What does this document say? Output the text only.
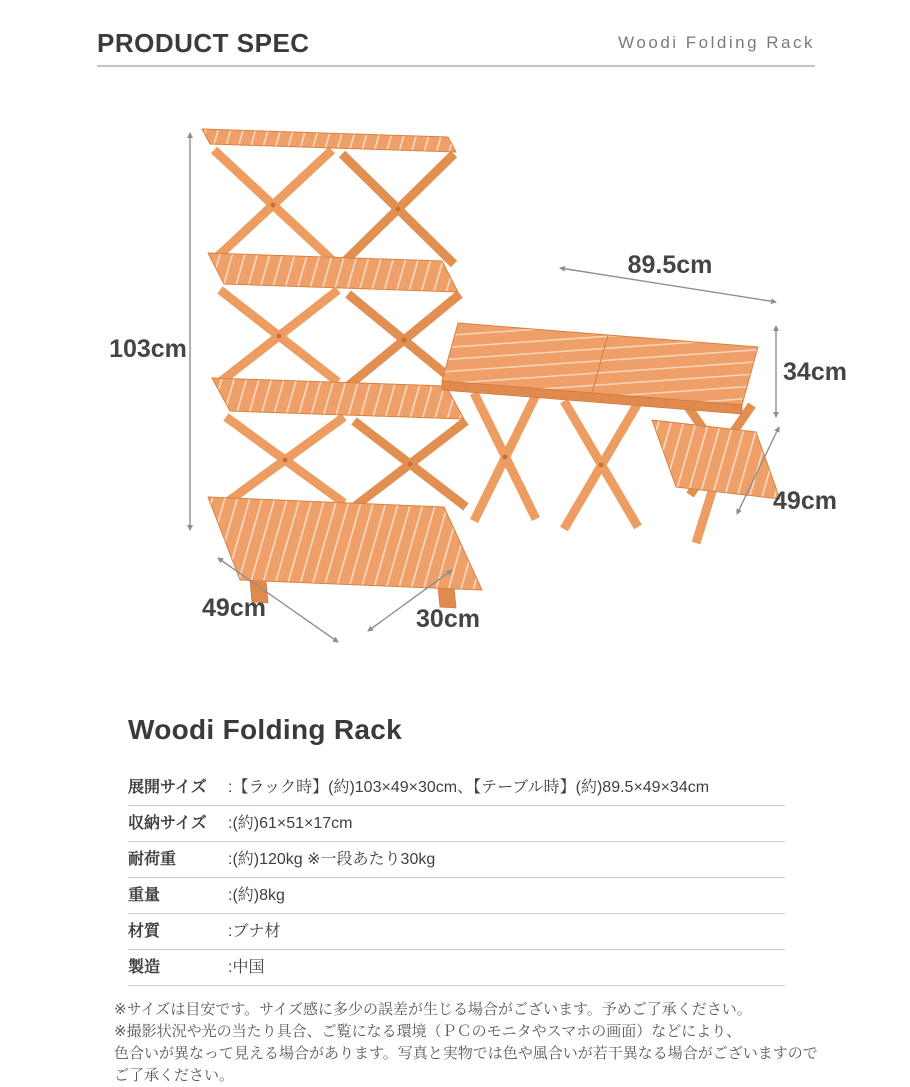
PRODUCT SPEC	Woodi Folding Rack
103cm
49cm	30cm
89.5cm
34cm
49cm
Woodi Folding Rack
展開サイズ	:【ラック時】(約)103×49×30cm、【テーブル時】(約)89.5×49×34cm
収納サイズ	:(約)61×51×17cm
耐荷重	:(約)120kg ※一段あたり30kg
重量	:(約)8kg
材質	:ブナ材
製造	:中国
※サイズは目安です。サイズ感に多少の誤差が生じる場合がございます。予めご了承ください。
※撮影状況や光の当たり具合、ご覧になる環境（ＰＣのモニタやスマホの画面）などにより、
色合いが異なって見える場合があります。写真と実物では色や風合いが若干異なる場合がございますのでご了承ください。
